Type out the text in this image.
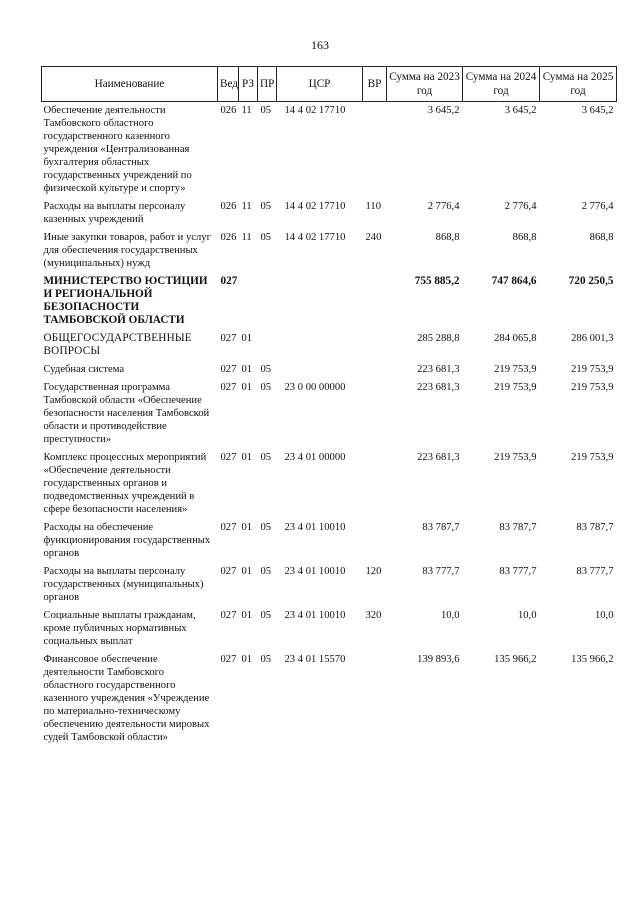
163
Наименование	Вед	РЗ	ПР	ЦСР	ВР	Сумма на 2023 год	Сумма на 2024 год	Сумма на 2025 год
Обеспечение деятельности Тамбовского областного государственного казенного учреждения «Централизованная бухгалтерия областных государственных учреждений по физической культуре и спорту»	026	11	05	14 4 02 17710		3 645,2	3 645,2	3 645,2
Расходы на выплаты персоналу казенных учреждений	026	11	05	14 4 02 17710	110	2 776,4	2 776,4	2 776,4
Иные закупки товаров, работ и услуг для обеспечения государственных (муниципальных) нужд	026	11	05	14 4 02 17710	240	868,8	868,8	868,8
МИНИСТЕРСТВО ЮСТИЦИИ И РЕГИОНАЛЬНОЙ БЕЗОПАСНОСТИ ТАМБОВСКОЙ ОБЛАСТИ	027					755 885,2	747 864,6	720 250,5
ОБЩЕГОСУДАРСТВЕННЫЕ ВОПРОСЫ	027	01				285 288,8	284 065,8	286 001,3
Судебная система	027	01	05			223 681,3	219 753,9	219 753,9
Государственная программа Тамбовской области «Обеспечение безопасности населения Тамбовской области и противодействие преступности»	027	01	05	23 0 00 00000		223 681,3	219 753,9	219 753,9
Комплекс процессных мероприятий «Обеспечение деятельности государственных органов и подведомственных учреждений в сфере безопасности населения»	027	01	05	23 4 01 00000		223 681,3	219 753,9	219 753,9
Расходы на обеспечение функционирования государственных органов	027	01	05	23 4 01 10010		83 787,7	83 787,7	83 787,7
Расходы на выплаты персоналу государственных (муниципальных) органов	027	01	05	23 4 01 10010	120	83 777,7	83 777,7	83 777,7
Социальные выплаты гражданам, кроме публичных нормативных социальных выплат	027	01	05	23 4 01 10010	320	10,0	10,0	10,0
Финансовое обеспечение деятельности Тамбовского областного государственного казенного учреждения «Учреждение по материально-техническому обеспечению деятельности мировых судей Тамбовской области»	027	01	05	23 4 01 15570		139 893,6	135 966,2	135 966,2
